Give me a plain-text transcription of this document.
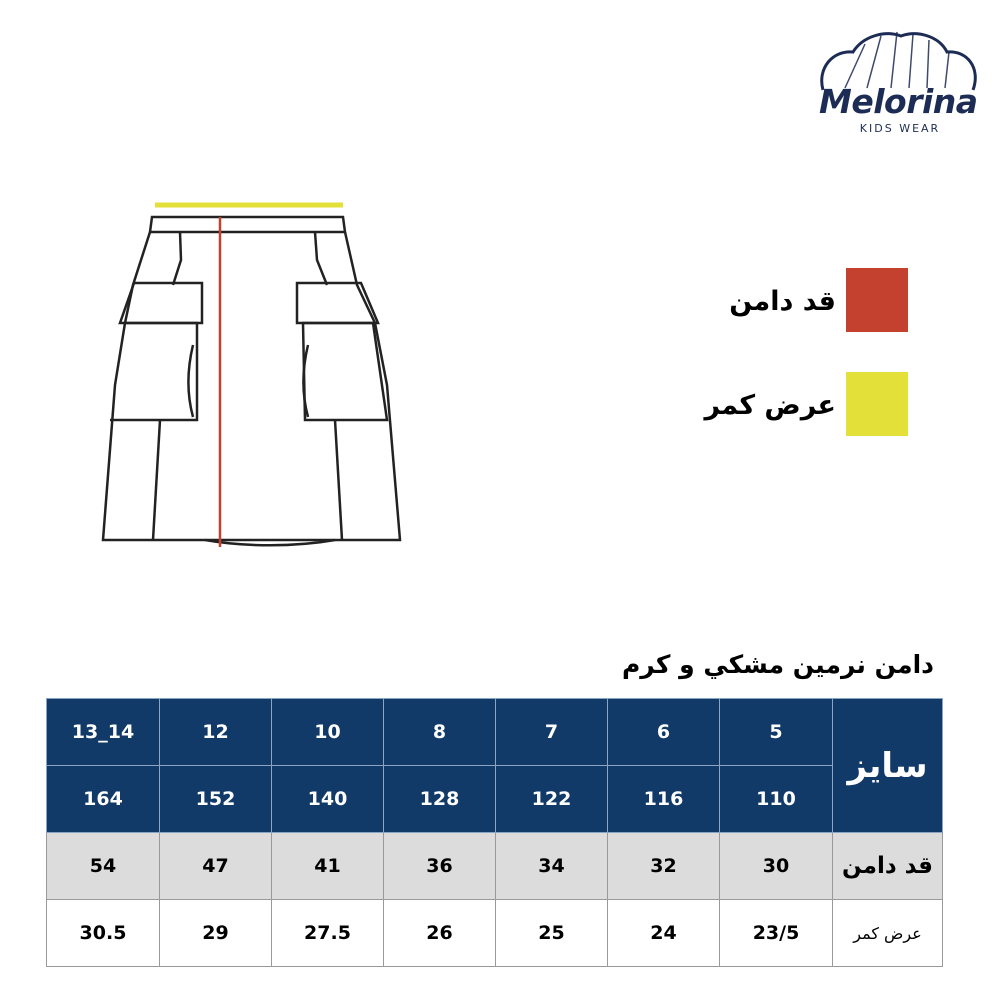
Melorina
KIDS WEAR
قد دامن
عرض کمر
دامن نرمين مشكي و كرم
13_14	12	10	8	7	6	5	سایز
164	152	140	128	122	116	110	
54	47	41	36	34	32	30	قد دامن
30.5	29	27.5	26	25	24	23/5	عرض کمر
